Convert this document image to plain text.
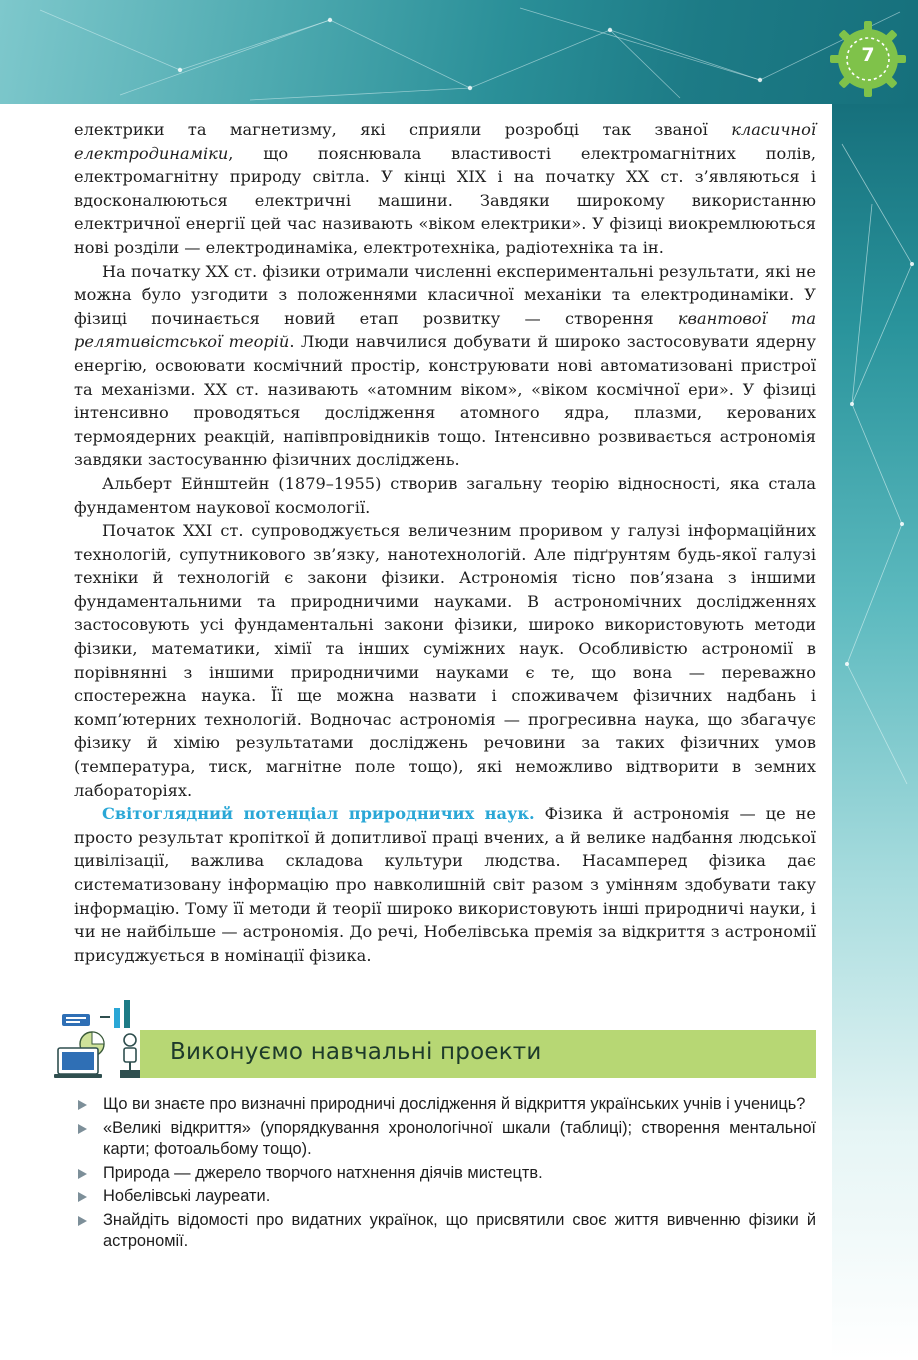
7

електрики та магнетизму, які сприяли розробці так званої класичної електродинаміки, що пояснювала властивості електромагнітних полів, електромагнітну природу світла. У кінці XIX і на початку XX ст. з’являються і вдосконалюються електричні машини. Завдяки широкому використанню електричної енергії цей час називають «віком електрики». У фізиці виокремлюються нові розділи — електродинаміка, електротехніка, радіотехніка та ін.

На початку XX ст. фізики отримали численні експериментальні результати, які не можна було узгодити з положеннями класичної механіки та електродинаміки. У фізиці починається новий етап розвитку — створення квантової та релятивістської теорій. Люди навчилися добувати й широко застосовувати ядерну енергію, освоювати космічний простір, конструювати нові автоматизовані пристрої та механізми. XX ст. називають «атомним віком», «віком космічної ери». У фізиці інтенсивно проводяться дослідження атомного ядра, плазми, керованих термоядерних реакцій, напівпровідників тощо. Інтенсивно розвивається астрономія завдяки застосуванню фізичних досліджень.

Альберт Ейнштейн (1879–1955) створив загальну теорію відносності, яка стала фундаментом наукової космології.

Початок XXI ст. супроводжується величезним проривом у галузі інформаційних технологій, супутникового зв’язку, нанотехнологій. Але підґрунтям будь-якої галузі техніки й технологій є закони фізики. Астрономія тісно пов’язана з іншими фундаментальними та природничими науками. В астрономічних дослідженнях застосовують усі фундаментальні закони фізики, широко використовують методи фізики, математики, хімії та інших суміжних наук. Особливістю астрономії в порівнянні з іншими природничими науками є те, що вона — переважно спостережна наука. Її ще можна назвати і споживачем фізичних надбань і комп’ютерних технологій. Водночас астрономія — прогресивна наука, що збагачує фізику й хімію результатами досліджень речовини за таких фізичних умов (температура, тиск, магнітне поле тощо), які неможливо відтворити в земних лабораторіях.

Світоглядний потенціал природничих наук. Фізика й астрономія — це не просто результат кропіткої й допитливої праці вчених, а й велике надбання людської цивілізації, важлива складова культури людства. Насамперед фізика дає систематизовану інформацію про навколишній світ разом з умінням здобувати таку інформацію. Тому її методи й теорії широко використовують інші природничі науки, і чи не найбільше — астрономія. До речі, Нобелівська премія за відкриття з астрономії присуджується в номінації фізика.

Виконуємо навчальні проекти
Що ви знаєте про визначні природничі дослідження й відкриття українських учнів і учениць?
«Великі відкриття» (упорядкування хронологічної шкали (таблиці); створення ментальної карти; фотоальбому тощо).
Природа — джерело творчого натхнення діячів мистецтв.
Нобелівські лауреати.
Знайдіть відомості про видатних українок, що присвятили своє життя вивченню фізики й астрономії.
